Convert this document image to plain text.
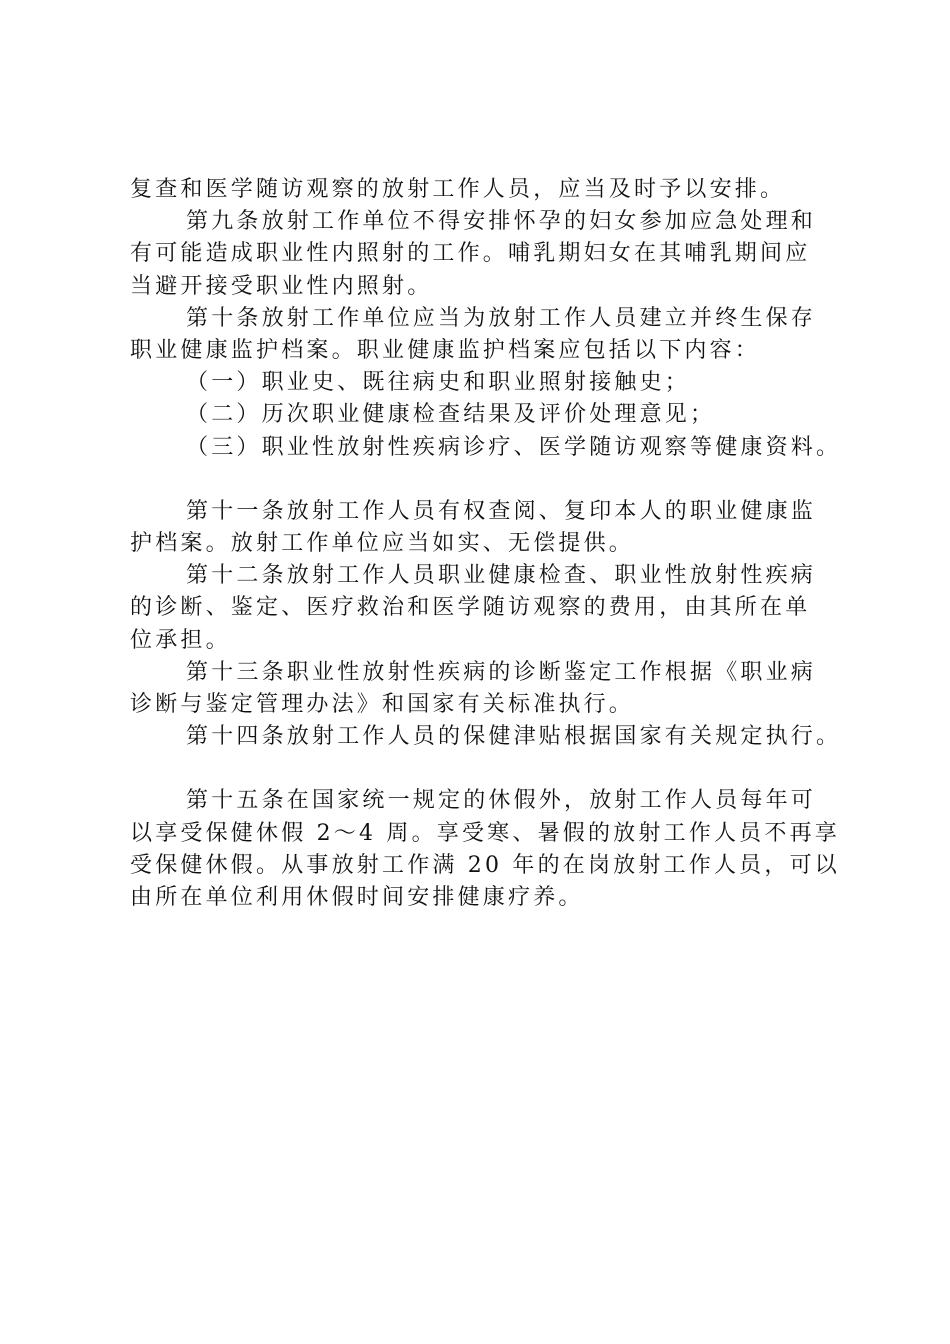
复查和医学随访观察的放射工作人员，应当及时予以安排。

第九条放射工作单位不得安排怀孕的妇女参加应急处理和

有可能造成职业性内照射的工作。哺乳期妇女在其哺乳期间应

当避开接受职业性内照射。

第十条放射工作单位应当为放射工作人员建立并终生保存

职业健康监护档案。职业健康监护档案应包括以下内容：

（一）职业史、既往病史和职业照射接触史；

（二）历次职业健康检查结果及评价处理意见；

（三）职业性放射性疾病诊疗、医学随访观察等健康资料。

第十一条放射工作人员有权查阅、复印本人的职业健康监

护档案。放射工作单位应当如实、无偿提供。

第十二条放射工作人员职业健康检查、职业性放射性疾病

的诊断、鉴定、医疗救治和医学随访观察的费用，由其所在单

位承担。

第十三条职业性放射性疾病的诊断鉴定工作根据《职业病

诊断与鉴定管理办法》和国家有关标准执行。

第十四条放射工作人员的保健津贴根据国家有关规定执行。

第十五条在国家统一规定的休假外，放射工作人员每年可

以享受保健休假 2～4 周。享受寒、暑假的放射工作人员不再享

受保健休假。从事放射工作满 20 年的在岗放射工作人员，可以

由所在单位利用休假时间安排健康疗养。
